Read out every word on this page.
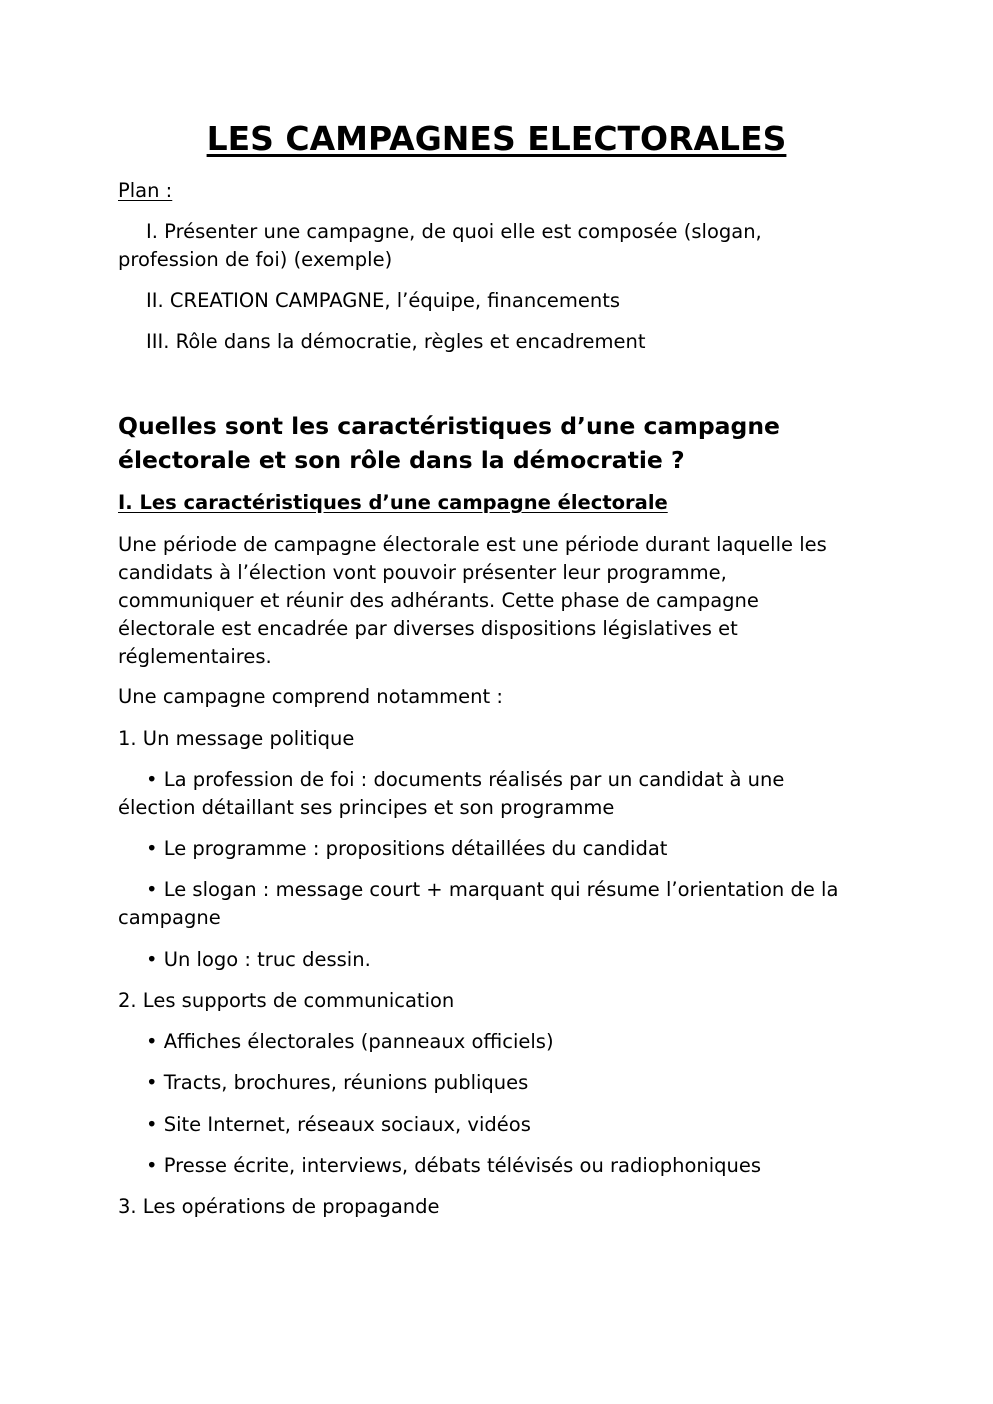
LES CAMPAGNES ELECTORALES
Plan :
I. Présenter une campagne, de quoi elle est composée (slogan,
profession de foi) (exemple)
II. CREATION CAMPAGNE, l’équipe, financements
III. Rôle dans la démocratie, règles et encadrement
Quelles sont les caractéristiques d’une campagne
électorale et son rôle dans la démocratie ?
I. Les caractéristiques d’une campagne électorale
Une période de campagne électorale est une période durant laquelle les
candidats à l’élection vont pouvoir présenter leur programme,
communiquer et réunir des adhérants. Cette phase de campagne
électorale est encadrée par diverses dispositions législatives et
réglementaires.
Une campagne comprend notamment :
1. Un message politique
• La profession de foi : documents réalisés par un candidat à une
élection détaillant ses principes et son programme
• Le programme : propositions détaillées du candidat
• Le slogan : message court + marquant qui résume l’orientation de la
campagne
• Un logo : truc dessin.
2. Les supports de communication
• Affiches électorales (panneaux officiels)
• Tracts, brochures, réunions publiques
• Site Internet, réseaux sociaux, vidéos
• Presse écrite, interviews, débats télévisés ou radiophoniques
3. Les opérations de propagande
